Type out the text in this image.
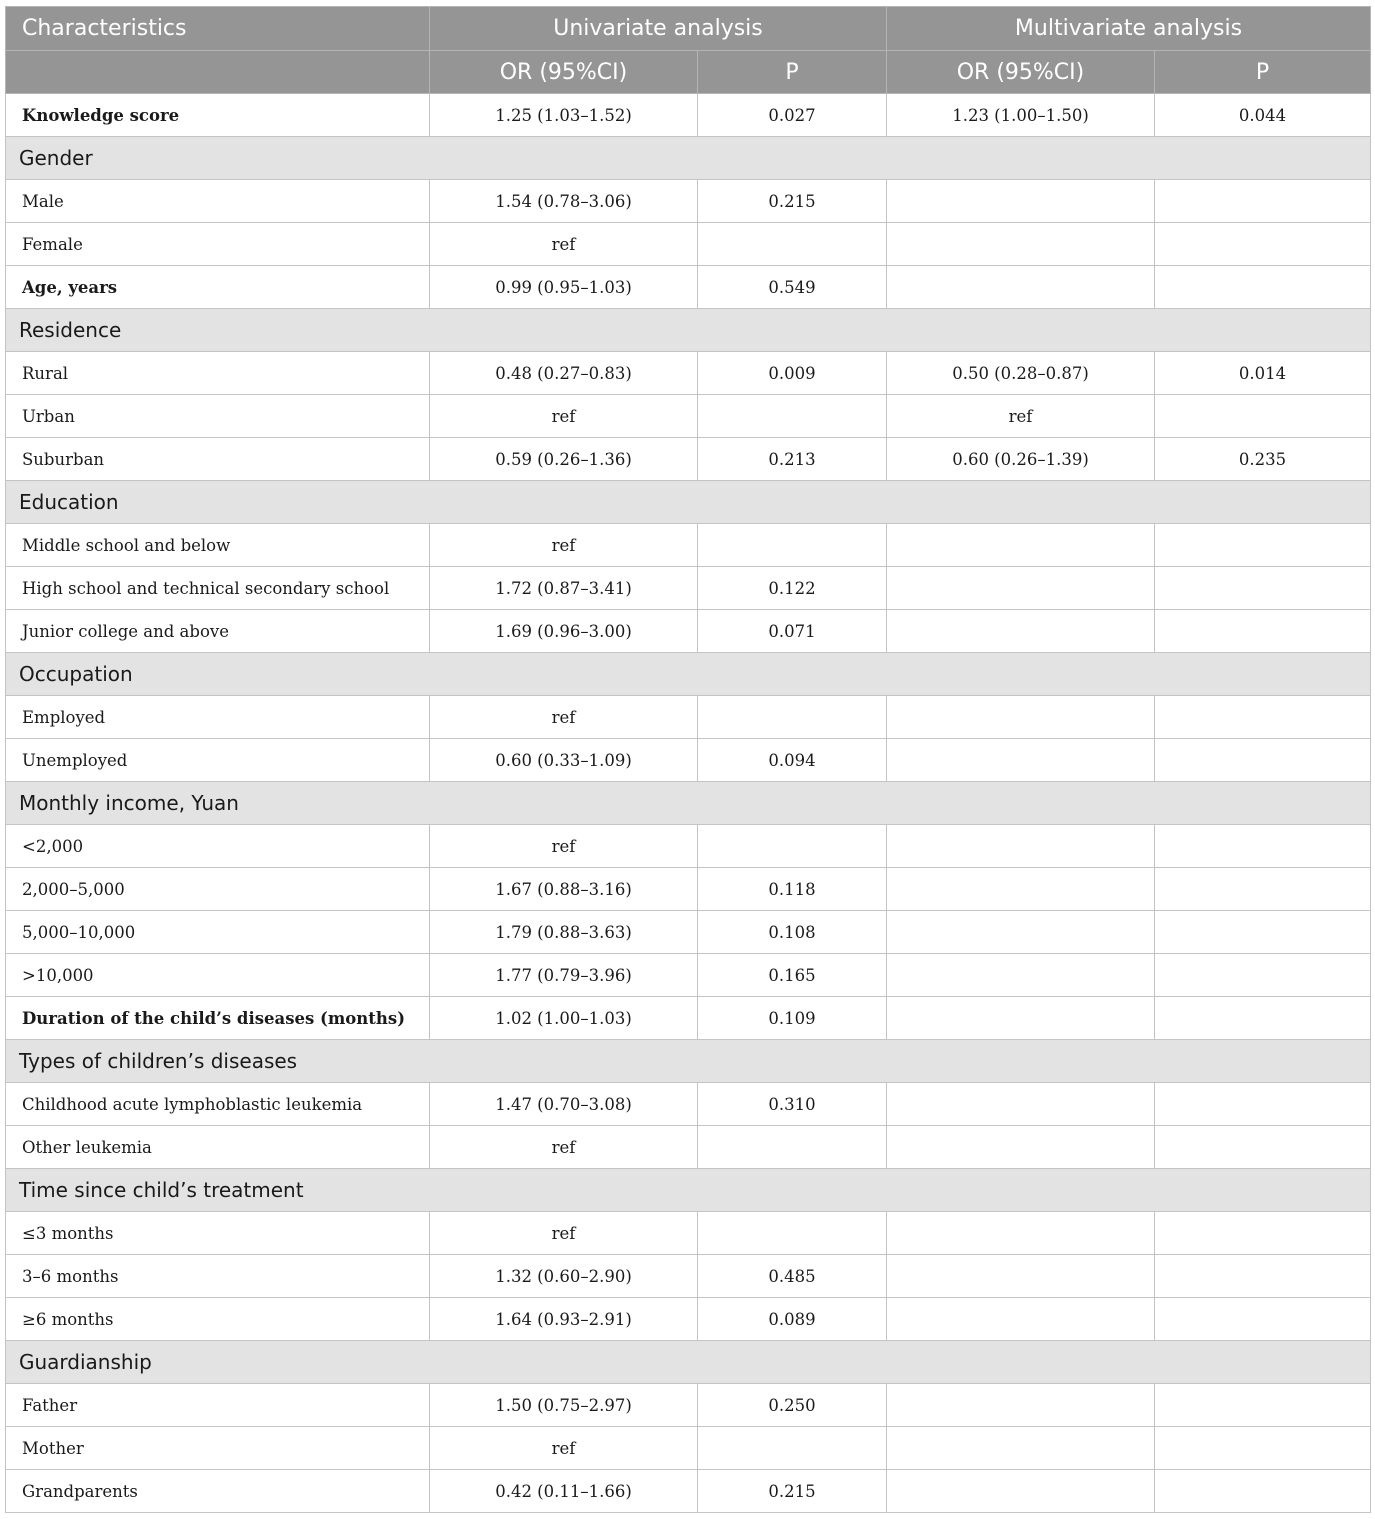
Characteristics	Univariate analysis		Multivariate analysis	
	OR (95%CI)	P	OR (95%CI)	P
Knowledge score	1.25 (1.03–1.52)	0.027	1.23 (1.00–1.50)	0.044
Gender				
Male	1.54 (0.78–3.06)	0.215		
Female	ref			
Age, years	0.99 (0.95–1.03)	0.549		
Residence				
Rural	0.48 (0.27–0.83)	0.009	0.50 (0.28–0.87)	0.014
Urban	ref		ref	
Suburban	0.59 (0.26–1.36)	0.213	0.60 (0.26–1.39)	0.235
Education				
Middle school and below	ref			
High school and technical secondary school	1.72 (0.87–3.41)	0.122		
Junior college and above	1.69 (0.96–3.00)	0.071		
Occupation				
Employed	ref			
Unemployed	0.60 (0.33–1.09)	0.094		
Monthly income, Yuan				
<2,000	ref			
2,000–5,000	1.67 (0.88–3.16)	0.118		
5,000–10,000	1.79 (0.88–3.63)	0.108		
>10,000	1.77 (0.79–3.96)	0.165		
Duration of the child’s diseases (months)	1.02 (1.00–1.03)	0.109		
Types of children’s diseases				
Childhood acute lymphoblastic leukemia	1.47 (0.70–3.08)	0.310		
Other leukemia	ref			
Time since child’s treatment				
≤3 months	ref			
3–6 months	1.32 (0.60–2.90)	0.485		
≥6 months	1.64 (0.93–2.91)	0.089		
Guardianship				
Father	1.50 (0.75–2.97)	0.250		
Mother	ref			
Grandparents	0.42 (0.11–1.66)	0.215		
